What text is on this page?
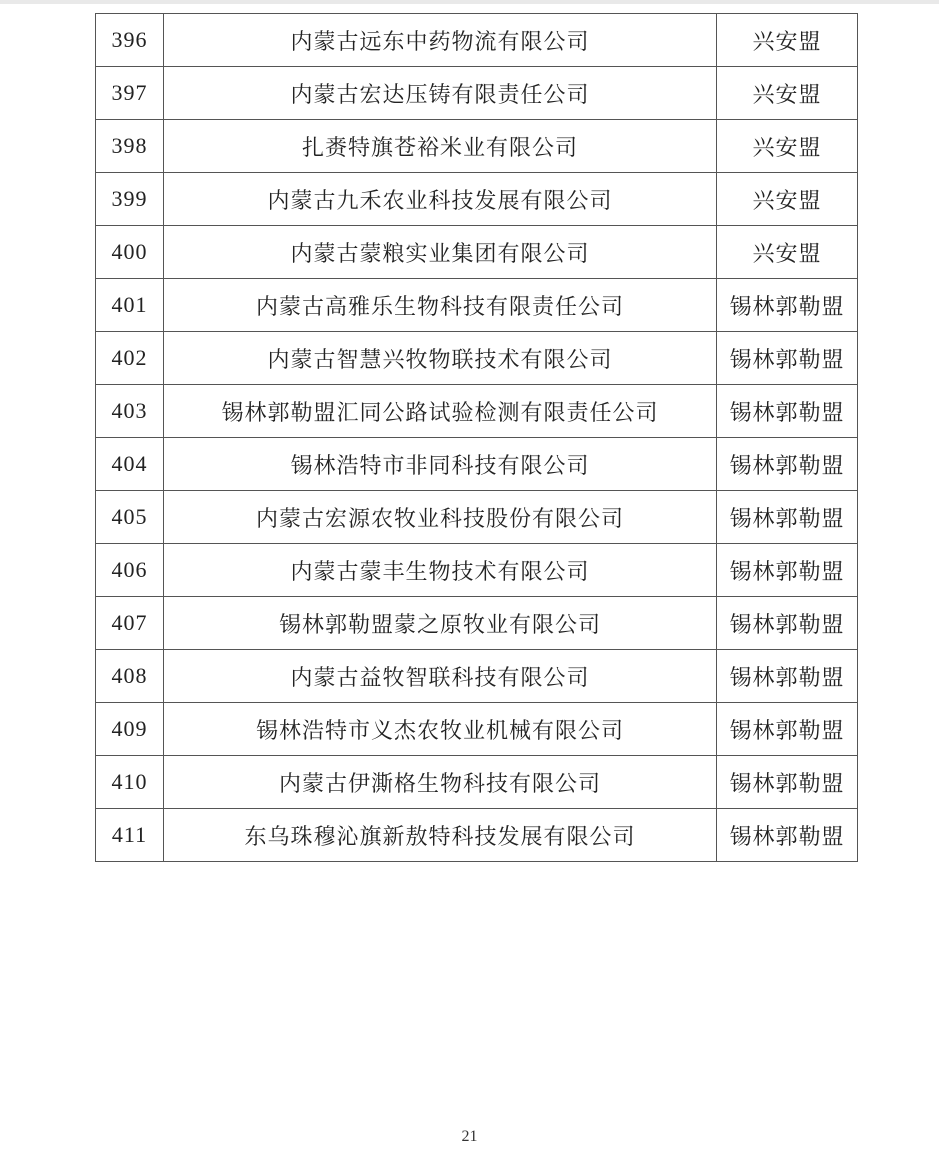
396	内蒙古远东中药物流有限公司	兴安盟
397	内蒙古宏达压铸有限责任公司	兴安盟
398	扎赉特旗苍裕米业有限公司	兴安盟
399	内蒙古九禾农业科技发展有限公司	兴安盟
400	内蒙古蒙粮实业集团有限公司	兴安盟
401	内蒙古高雅乐生物科技有限责任公司	锡林郭勒盟
402	内蒙古智慧兴牧物联技术有限公司	锡林郭勒盟
403	锡林郭勒盟汇同公路试验检测有限责任公司	锡林郭勒盟
404	锡林浩特市非同科技有限公司	锡林郭勒盟
405	内蒙古宏源农牧业科技股份有限公司	锡林郭勒盟
406	内蒙古蒙丰生物技术有限公司	锡林郭勒盟
407	锡林郭勒盟蒙之原牧业有限公司	锡林郭勒盟
408	内蒙古益牧智联科技有限公司	锡林郭勒盟
409	锡林浩特市义杰农牧业机械有限公司	锡林郭勒盟
410	内蒙古伊澌格生物科技有限公司	锡林郭勒盟
411	东乌珠穆沁旗新敖特科技发展有限公司	锡林郭勒盟
21
